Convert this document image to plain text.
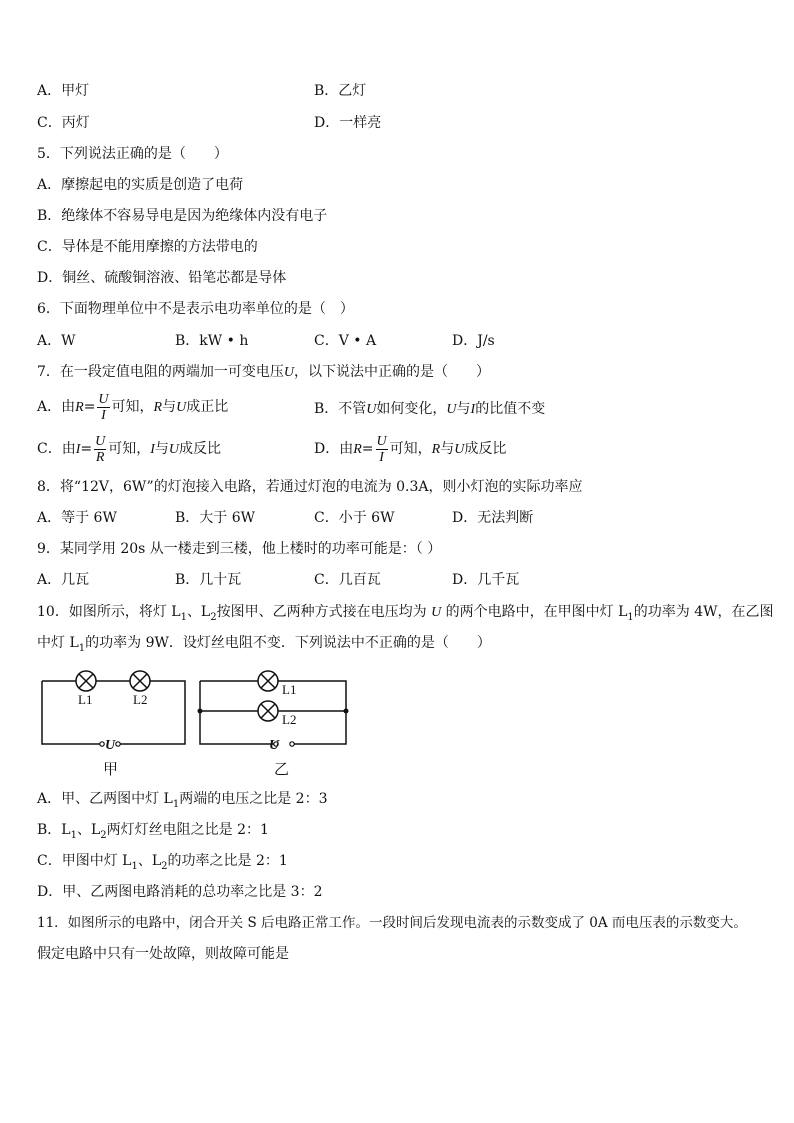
A．甲灯	B．乙灯
C．丙灯	D．一样亮
5．下列说法正确的是（　　）
A．摩擦起电的实质是创造了电荷
B．绝缘体不容易导电是因为绝缘体内没有电子
C．导体是不能用摩擦的方法带电的
D．铜丝、硫酸铜溶液、铅笔芯都是导体
6．下面物理单位中不是表示电功率单位的是（　）
A．W	B．kW • h	C．V • A	D．J/s
7．在一段定值电阻的两端加一可变电压U，以下说法中正确的是（　　）
A．由$R= \frac{U}{I}$ 可知，R与U成正比	B．不管U如何变化，U与I的比值不变
C．由$I= \frac{U}{R}$ 可知，I与U成反比	D．由$R= \frac{U}{I}$ 可知，R与U成反比
8．将“12V，6W”的灯泡接入电路，若通过灯泡的电流为 0.3A，则小灯泡的实际功率应
A．等于 6W	B．大于 6W	C．小于 6W	D．无法判断
9．某同学用 20s 从一楼走到三楼，他上楼时的功率可能是：（ ）
A．几瓦	B．几十瓦	C．几百瓦	D．几千瓦
10．如图所示，将灯 $L_1$、$L_2$按图甲、乙两种方式接在电压均为 U 的两个电路中，在甲图中灯 $L_1$的功率为 4W，在乙图
中灯 $L_1$的功率为 9W．设灯丝电阻不变．下列说法中不正确的是（　　）
L1	L2
U
甲
L1
L2
U
乙
A．甲、乙两图中灯 $L_1$两端的电压之比是 2：3
B．$L_1$、$L_2$两灯灯丝电阻之比是 2：1
C．甲图中灯 $L_1$、$L_2$的功率之比是 2：1
D．甲、乙两图电路消耗的总功率之比是 3：2
11．如图所示的电路中，闭合开关 S 后电路正常工作。一段时间后发现电流表的示数变成了 0A 而电压表的示数变大。
假定电路中只有一处故障，则故障可能是
